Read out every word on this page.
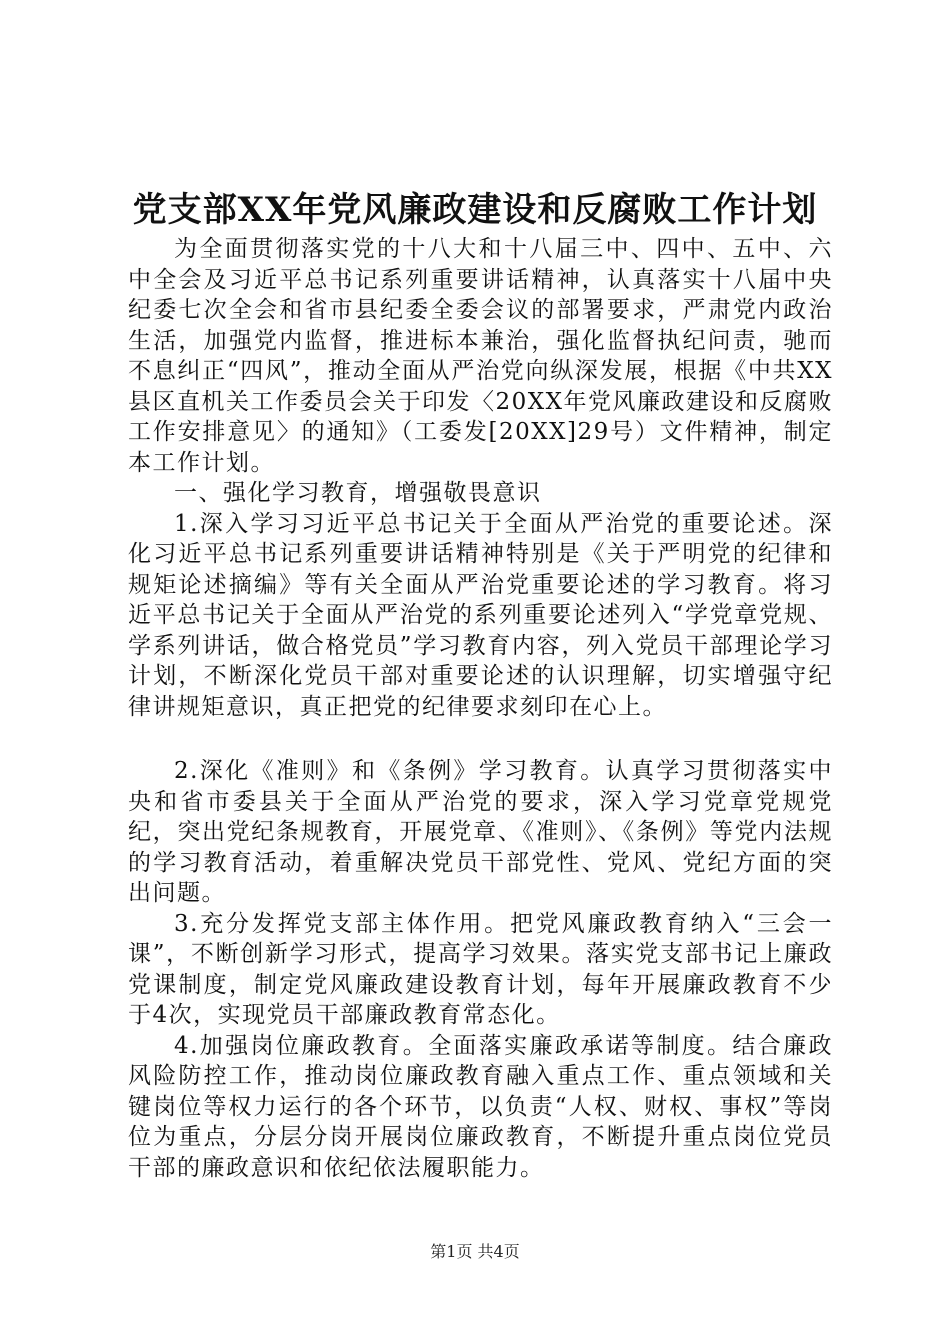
党支部XX年党风廉政建设和反腐败工作计划

为全面贯彻落实党的十八大和十八届三中、四中、五中、六中全会及习近平总书记系列重要讲话精神，认真落实十八届中央纪委七次全会和省市县纪委全委会议的部署要求，严肃党内政治生活，加强党内监督，推进标本兼治，强化监督执纪问责，驰而不息纠正“四风”，推动全面从严治党向纵深发展，根据《中共XX县区直机关工作委员会关于印发〈20XX年党风廉政建设和反腐败工作安排意见〉的通知》（工委发[20XX]29号）文件精神，制定本工作计划。

一、强化学习教育，增强敬畏意识

1.深入学习习近平总书记关于全面从严治党的重要论述。深化习近平总书记系列重要讲话精神特别是《关于严明党的纪律和规矩论述摘编》等有关全面从严治党重要论述的学习教育。将习近平总书记关于全面从严治党的系列重要论述列入“学党章党规、学系列讲话，做合格党员”学习教育内容，列入党员干部理论学习计划，不断深化党员干部对重要论述的认识理解，切实增强守纪律讲规矩意识，真正把党的纪律要求刻印在心上。

2.深化《准则》和《条例》学习教育。认真学习贯彻落实中央和省市委县关于全面从严治党的要求，深入学习党章党规党纪，突出党纪条规教育，开展党章、《准则》、《条例》等党内法规的学习教育活动，着重解决党员干部党性、党风、党纪方面的突出问题。

3.充分发挥党支部主体作用。把党风廉政教育纳入“三会一课”，不断创新学习形式，提高学习效果。落实党支部书记上廉政党课制度，制定党风廉政建设教育计划，每年开展廉政教育不少于4次，实现党员干部廉政教育常态化。

4.加强岗位廉政教育。全面落实廉政承诺等制度。结合廉政风险防控工作，推动岗位廉政教育融入重点工作、重点领域和关键岗位等权力运行的各个环节，以负责“人权、财权、事权”等岗位为重点，分层分岗开展岗位廉政教育，不断提升重点岗位党员干部的廉政意识和依纪依法履职能力。

第1页 共4页
